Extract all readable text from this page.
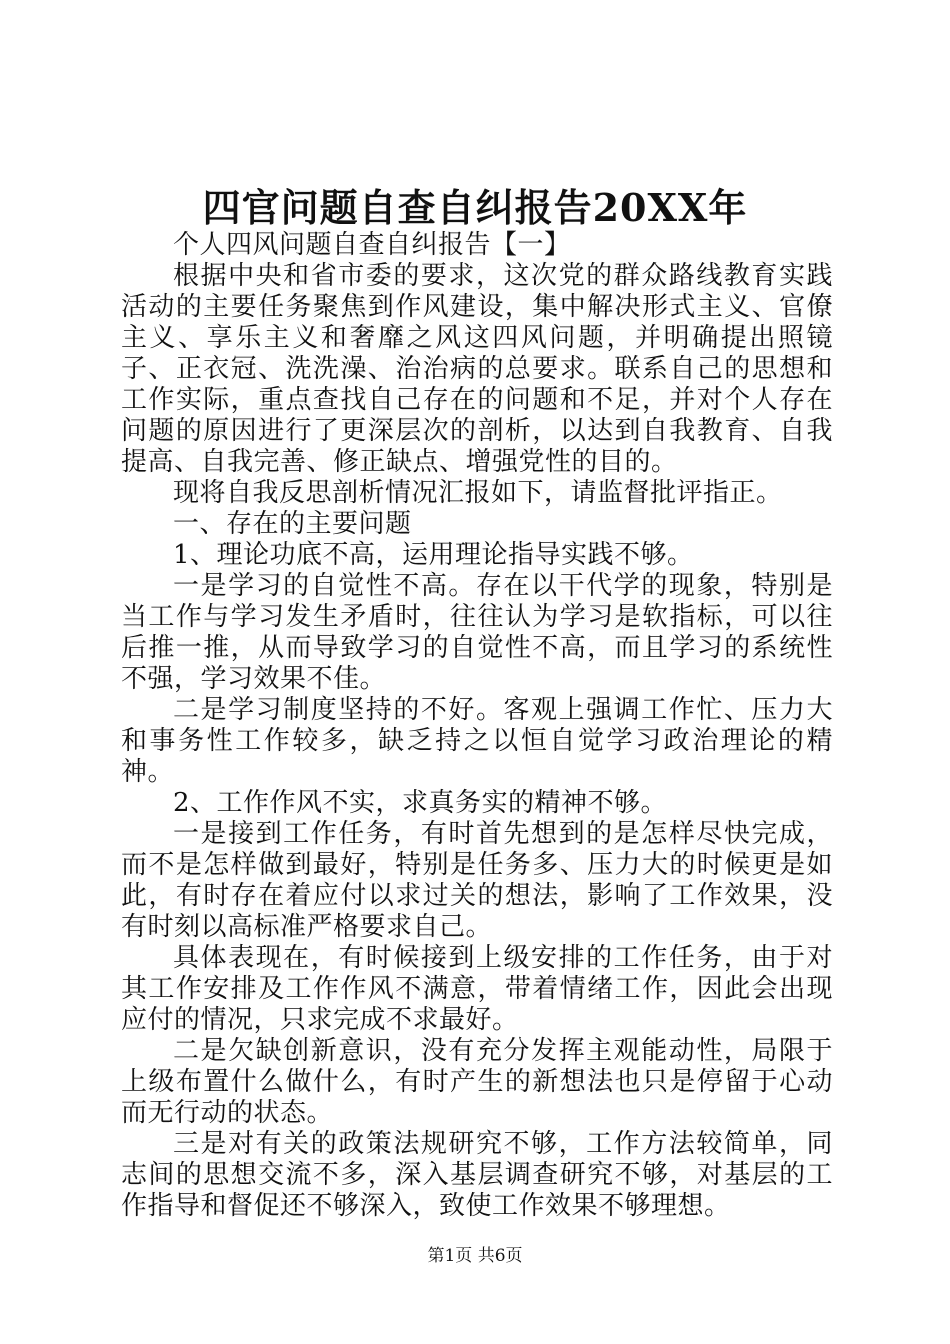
四官问题自查自纠报告20XX年

个人四风问题自查自纠报告【一】

根据中央和省市委的要求，这次党的群众路线教育实践活动的主要任务聚焦到作风建设，集中解决形式主义、官僚主义、享乐主义和奢靡之风这四风问题，并明确提出照镜子、正衣冠、洗洗澡、治治病的总要求。联系自己的思想和工作实际，重点查找自己存在的问题和不足，并对个人存在问题的原因进行了更深层次的剖析，以达到自我教育、自我提高、自我完善、修正缺点、增强党性的目的。

现将自我反思剖析情况汇报如下，请监督批评指正。

一、存在的主要问题

1、理论功底不高，运用理论指导实践不够。

一是学习的自觉性不高。存在以干代学的现象，特别是当工作与学习发生矛盾时，往往认为学习是软指标，可以往后推一推，从而导致学习的自觉性不高，而且学习的系统性不强，学习效果不佳。

二是学习制度坚持的不好。客观上强调工作忙、压力大和事务性工作较多，缺乏持之以恒自觉学习政治理论的精神。

2、工作作风不实，求真务实的精神不够。

一是接到工作任务，有时首先想到的是怎样尽快完成，而不是怎样做到最好，特别是任务多、压力大的时候更是如此，有时存在着应付以求过关的想法，影响了工作效果，没有时刻以高标准严格要求自己。

具体表现在，有时候接到上级安排的工作任务，由于对其工作安排及工作作风不满意，带着情绪工作，因此会出现应付的情况，只求完成不求最好。

二是欠缺创新意识，没有充分发挥主观能动性，局限于上级布置什么做什么，有时产生的新想法也只是停留于心动而无行动的状态。

三是对有关的政策法规研究不够，工作方法较简单，同志间的思想交流不多，深入基层调查研究不够，对基层的工作指导和督促还不够深入，致使工作效果不够理想。

第1页 共6页
